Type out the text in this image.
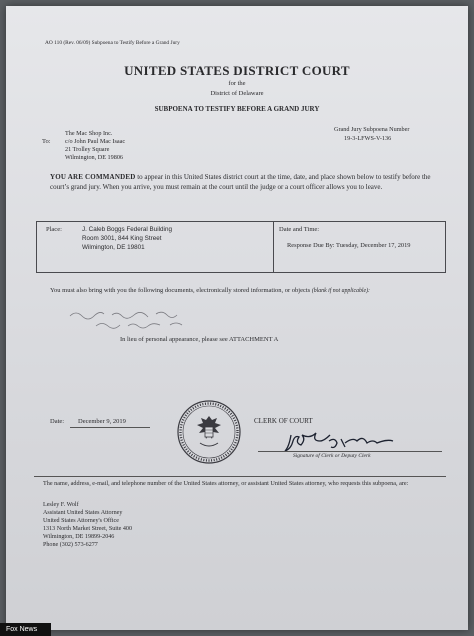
AO 110 (Rev. 06/09) Subpoena to Testify Before a Grand Jury
UNITED STATES DISTRICT COURT
for the
District of Delaware
SUBPOENA TO TESTIFY BEFORE A GRAND JURY
To:
The Mac Shop Inc.
c/o John Paul Mac Isaac
21 Trolley Square
Wilmington, DE 19806
Grand Jury Subpoena Number
19-3-LFWS-V-136
YOU ARE COMMANDED to appear in this United States district court at the time, date, and place shown below to testify before the court’s grand jury. When you arrive, you must remain at the court until the judge or a court officer allows you to leave.
Place:	J. Caleb Boggs Federal Building
Room 3001, 844 King Street
Wilmington, DE 19801
Date and Time:
Response Due By: Tuesday, December 17, 2019
You must also bring with you the following documents, electronically stored information, or objects (blank if not applicable):
In lieu of personal appearance, please see ATTACHMENT A
Date: December 9, 2019	CLERK OF COURT
Signature of Clerk or Deputy Clerk
The name, address, e-mail, and telephone number of the United States attorney, or assistant United States attorney, who requests this subpoena, are:
Lesley F. Wolf
Assistant United States Attorney
United States Attorney's Office
1313 North Market Street, Suite 400
Wilmington, DE 19899-2046
Phone (302) 573-6277
Fox News
